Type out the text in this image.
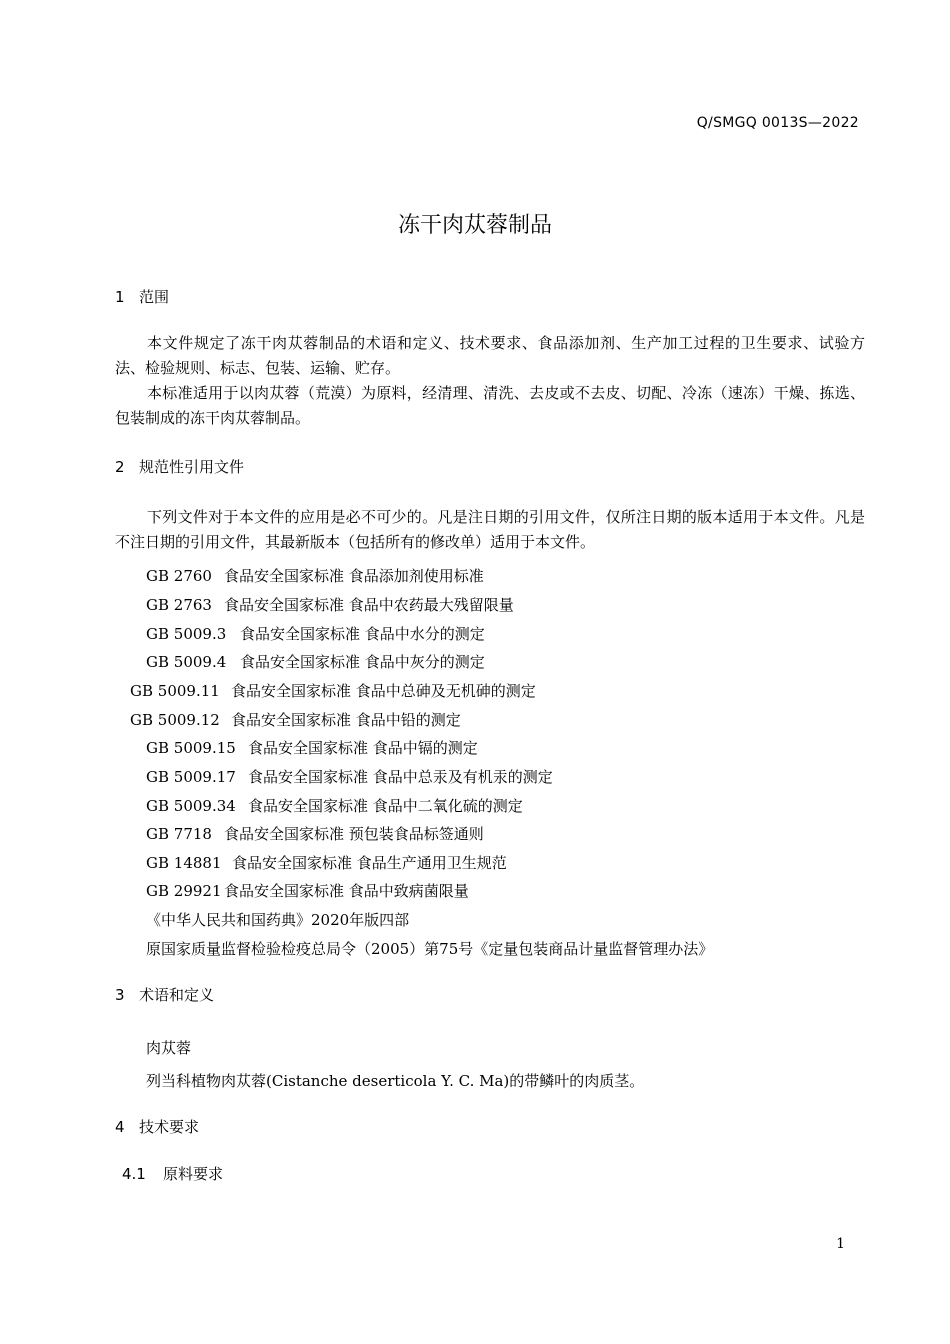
Q/SMGQ 0013S—2022
冻干肉苁蓉制品
1 范围
本文件规定了冻干肉苁蓉制品的术语和定义、技术要求、食品添加剂、生产加工过程的卫生要求、试验方法、检验规则、标志、包装、运输、贮存。
本标准适用于以肉苁蓉（荒漠）为原料，经清理、清洗、去皮或不去皮、切配、冷冻（速冻）干燥、拣选、包装制成的冻干肉苁蓉制品。
2 规范性引用文件
下列文件对于本文件的应用是必不可少的。凡是注日期的引用文件，仅所注日期的版本适用于本文件。凡是不注日期的引用文件，其最新版本（包括所有的修改单）适用于本文件。
GB 2760 食品安全国家标准 食品添加剂使用标准
GB 2763 食品安全国家标准 食品中农药最大残留限量
GB 5009.3 食品安全国家标准 食品中水分的测定
GB 5009.4 食品安全国家标准 食品中灰分的测定
GB 5009.11 食品安全国家标准 食品中总砷及无机砷的测定
GB 5009.12 食品安全国家标准 食品中铅的测定
GB 5009.15 食品安全国家标准 食品中镉的测定
GB 5009.17 食品安全国家标准 食品中总汞及有机汞的测定
GB 5009.34 食品安全国家标准 食品中二氧化硫的测定
GB 7718 食品安全国家标准 预包装食品标签通则
GB 14881 食品安全国家标准 食品生产通用卫生规范
GB 29921 食品安全国家标准 食品中致病菌限量
《中华人民共和国药典》2020年版四部
原国家质量监督检验检疫总局令（2005）第75号《定量包装商品计量监督管理办法》
3 术语和定义
肉苁蓉
列当科植物肉苁蓉(Cistanche deserticola Y. C. Ma)的带鳞叶的肉质茎。
4 技术要求
4.1 原料要求
1
